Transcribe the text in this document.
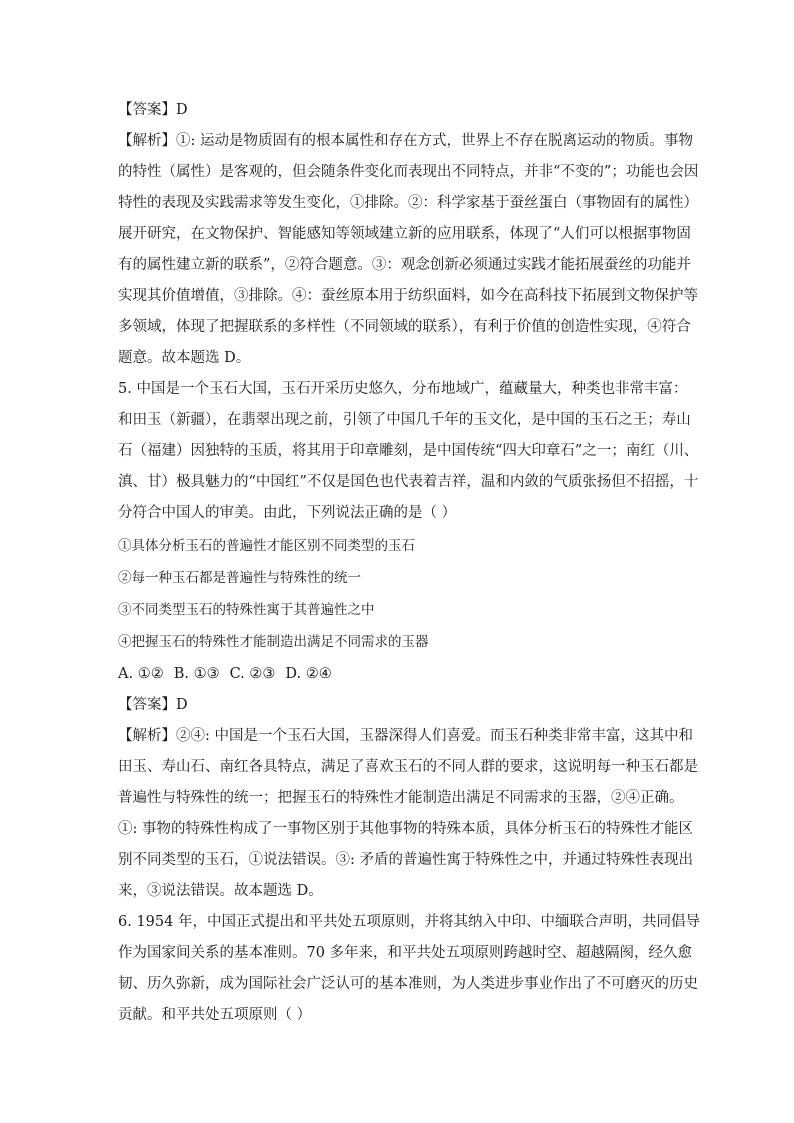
【答案】D
【解析】①: 运动是物质固有的根本属性和存在方式，世界上不存在脱离运动的物质。事物
的特性（属性）是客观的，但会随条件变化而表现出不同特点，并非“不变的”；功能也会因
特性的表现及实践需求等发生变化，①排除。②：科学家基于蚕丝蛋白（事物固有的属性）
展开研究，在文物保护、智能感知等领域建立新的应用联系，体现了“人们可以根据事物固
有的属性建立新的联系”，②符合题意。③：观念创新必须通过实践才能拓展蚕丝的功能并
实现其价值增值，③排除。④：蚕丝原本用于纺织面料，如今在高科技下拓展到文物保护等
多领域，体现了把握联系的多样性（不同领域的联系），有利于价值的创造性实现，④符合
题意。故本题选 D。
5. 中国是一个玉石大国，玉石开采历史悠久，分布地域广，蕴藏量大，种类也非常丰富：
和田玉（新疆），在翡翠出现之前，引领了中国几千年的玉文化，是中国的玉石之王；寿山
石（福建）因独特的玉质，将其用于印章雕刻，是中国传统“四大印章石”之一；南红（川、
滇、甘）极具魅力的“中国红”不仅是国色也代表着吉祥，温和内敛的气质张扬但不招摇，十
分符合中国人的审美。由此，下列说法正确的是（ ）
①具体分析玉石的普遍性才能区别不同类型的玉石
②每一种玉石都是普遍性与特殊性的统一
③不同类型玉石的特殊性寓于其普遍性之中
④把握玉石的特殊性才能制造出满足不同需求的玉器
A. ①② B. ①③ C. ②③ D. ②④
【答案】D
【解析】②④: 中国是一个玉石大国，玉器深得人们喜爱。而玉石种类非常丰富，这其中和
田玉、寿山石、南红各具特点，满足了喜欢玉石的不同人群的要求，这说明每一种玉石都是
普遍性与特殊性的统一；把握玉石的特殊性才能制造出满足不同需求的玉器，②④正确。
①: 事物的特殊性构成了一事物区别于其他事物的特殊本质，具体分析玉石的特殊性才能区
别不同类型的玉石，①说法错误。③: 矛盾的普遍性寓于特殊性之中，并通过特殊性表现出
来，③说法错误。故本题选 D。
6. 1954 年，中国正式提出和平共处五项原则，并将其纳入中印、中缅联合声明，共同倡导
作为国家间关系的基本准则。70 多年来，和平共处五项原则跨越时空、超越隔阂，经久愈
韧、历久弥新，成为国际社会广泛认可的基本准则，为人类进步事业作出了不可磨灭的历史
贡献。和平共处五项原则（ ）
